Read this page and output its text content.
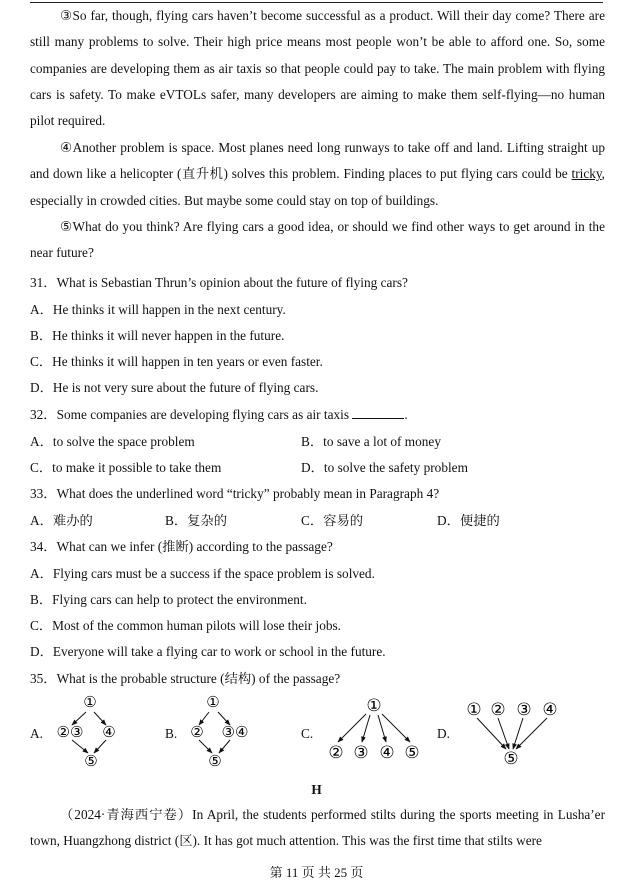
③So far, though, flying cars haven’t become successful as a product. Will their day come? There are still many problems to solve. Their high price means most people won’t be able to afford one. So, some companies are developing them as air taxis so that people could pay to take. The main problem with flying cars is safety. To make eVTOLs safer, many developers are aiming to make them self-flying—no human pilot required.

④Another problem is space. Most planes need long runways to take off and land. Lifting straight up and down like a helicopter (直升机) solves this problem. Finding places to put flying cars could be tricky, especially in crowded cities. But maybe some could stay on top of buildings.

⑤What do you think? Are flying cars a good idea, or should we find other ways to get around in the near future?

31．What is Sebastian Thrun’s opinion about the future of flying cars?
A．He thinks it will happen in the next century.
B．He thinks it will never happen in the future.
C．He thinks it will happen in ten years or even faster.
D．He is not very sure about the future of flying cars.
32．Some companies are developing flying cars as air taxis	.
A．to solve the space problem	B．to save a lot of money
C．to make it possible to take them	D．to solve the safety problem
33．What does the underlined word “tricky” probably mean in Paragraph 4?
A．难办的	B．复杂的	C．容易的	D．便捷的
34．What can we infer (推断) according to the passage?
A．Flying cars must be a success if the space problem is solved.
B．Flying cars can help to protect the environment.
C．Most of the common human pilots will lose their jobs.
D．Everyone will take a flying car to work or school in the future.
35．What is the probable structure (结构) of the passage?
A.	B.	C.	D.
①
②③ ④
⑤
①
② ③④
⑤
①
② ③ ④ ⑤
① ② ③ ④
⑤
H

（2024·青海西宁卷）In April, the students performed stilts during the sports meeting in Lusha’er town, Huangzhong district (区). It has got much attention. This was the first time that stilts were

第 11 页 共 25 页
